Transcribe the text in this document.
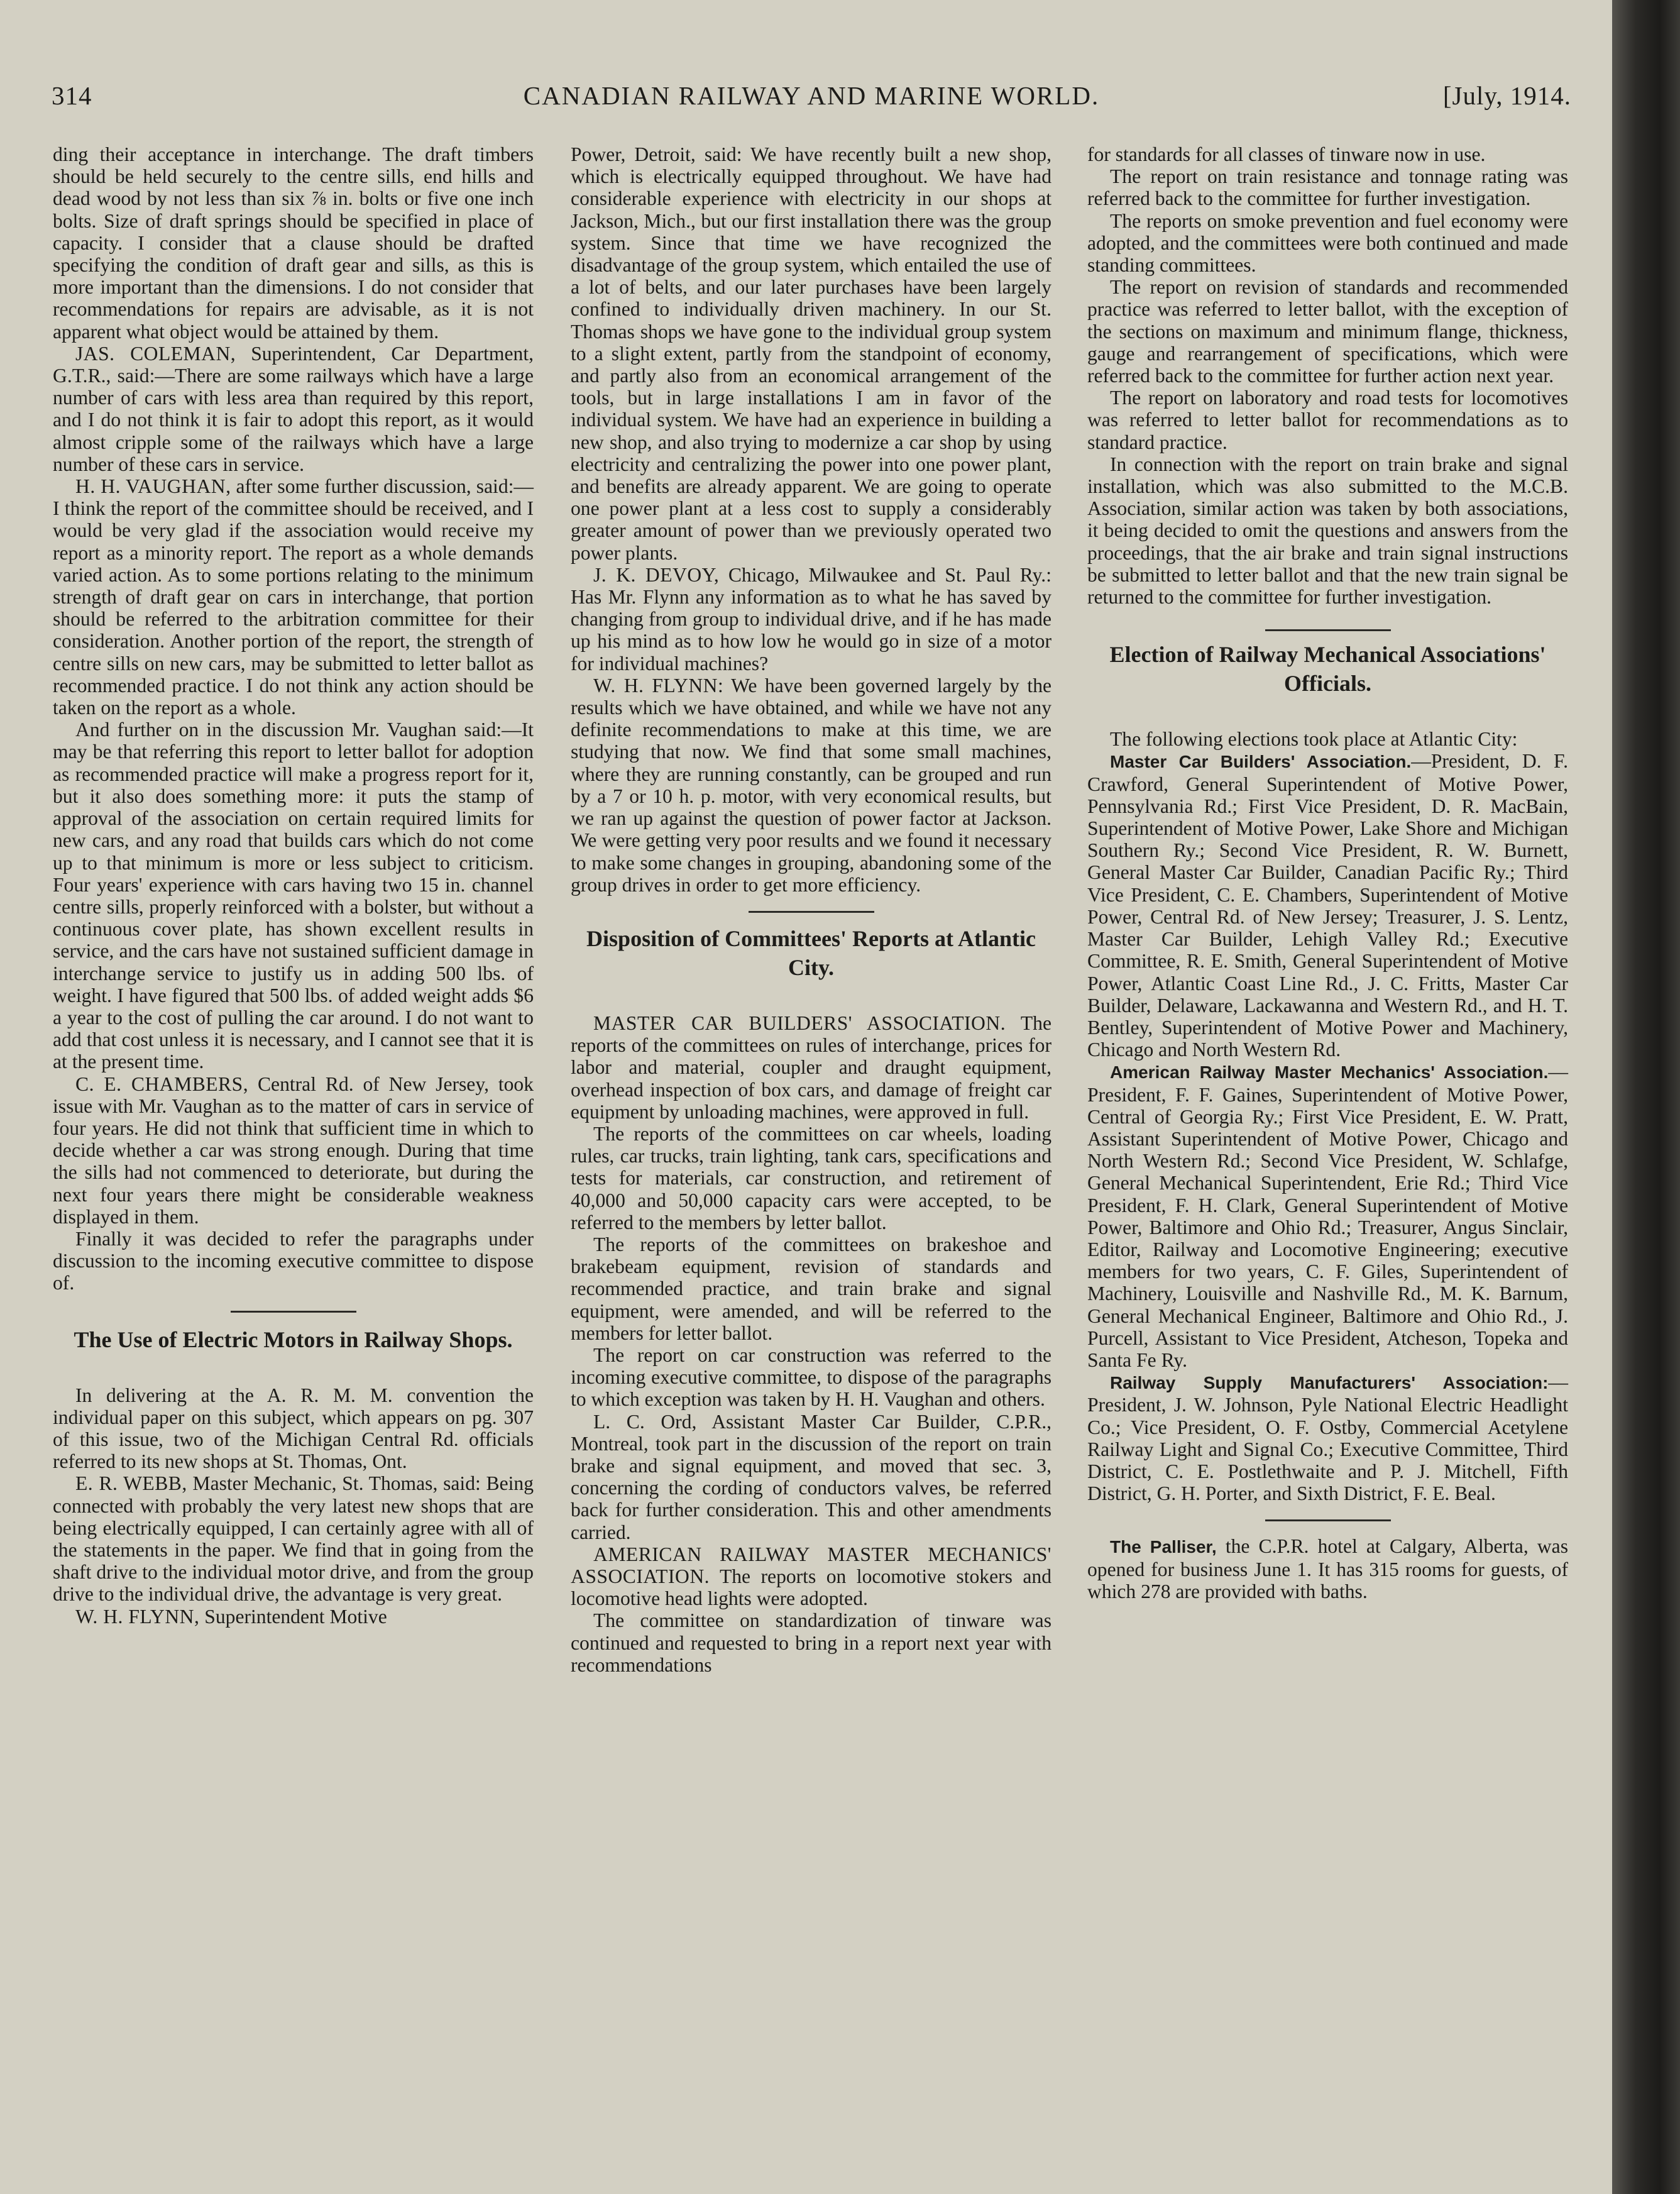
314	CANADIAN RAILWAY AND MARINE WORLD.	[July, 1914.

ding their acceptance in interchange. The draft timbers should be held securely to the centre sills, end hills and dead wood by not less than six ⅞ in. bolts or five one inch bolts. Size of draft springs should be specified in place of capacity. I consider that a clause should be drafted specifying the condition of draft gear and sills, as this is more important than the dimensions. I do not consider that recommendations for repairs are advisable, as it is not apparent what object would be attained by them.

JAS. COLEMAN, Superintendent, Car Department, G.T.R., said:—There are some railways which have a large number of cars with less area than required by this report, and I do not think it is fair to adopt this report, as it would almost cripple some of the railways which have a large number of these cars in service.

H. H. VAUGHAN, after some further discussion, said:—I think the report of the committee should be received, and I would be very glad if the association would receive my report as a minority report. The report as a whole demands varied action. As to some portions relating to the minimum strength of draft gear on cars in interchange, that portion should be referred to the arbitration committee for their consideration. Another portion of the report, the strength of centre sills on new cars, may be submitted to letter ballot as recommended practice. I do not think any action should be taken on the report as a whole.

And further on in the discussion Mr. Vaughan said:—It may be that referring this report to letter ballot for adoption as recommended practice will make a progress report for it, but it also does something more: it puts the stamp of approval of the association on certain required limits for new cars, and any road that builds cars which do not come up to that minimum is more or less subject to criticism. Four years' experience with cars having two 15 in. channel centre sills, properly reinforced with a bolster, but without a continuous cover plate, has shown excellent results in service, and the cars have not sustained sufficient damage in interchange service to justify us in adding 500 lbs. of weight. I have figured that 500 lbs. of added weight adds $6 a year to the cost of pulling the car around. I do not want to add that cost unless it is necessary, and I cannot see that it is at the present time.

C. E. CHAMBERS, Central Rd. of New Jersey, took issue with Mr. Vaughan as to the matter of cars in service of four years. He did not think that sufficient time in which to decide whether a car was strong enough. During that time the sills had not commenced to deteriorate, but during the next four years there might be considerable weakness displayed in them.

Finally it was decided to refer the paragraphs under discussion to the incoming executive committee to dispose of.

The Use of Electric Motors in Railway Shops.

In delivering at the A. R. M. M. convention the individual paper on this subject, which appears on pg. 307 of this issue, two of the Michigan Central Rd. officials referred to its new shops at St. Thomas, Ont.

E. R. WEBB, Master Mechanic, St. Thomas, said: Being connected with probably the very latest new shops that are being electrically equipped, I can certainly agree with all of the statements in the paper. We find that in going from the shaft drive to the individual motor drive, and from the group drive to the individual drive, the advantage is very great.

W. H. FLYNN, Superintendent Motive

Power, Detroit, said: We have recently built a new shop, which is electrically equipped throughout. We have had considerable experience with electricity in our shops at Jackson, Mich., but our first installation there was the group system. Since that time we have recognized the disadvantage of the group system, which entailed the use of a lot of belts, and our later purchases have been largely confined to individually driven machinery. In our St. Thomas shops we have gone to the individual group system to a slight extent, partly from the standpoint of economy, and partly also from an economical arrangement of the tools, but in large installations I am in favor of the individual system. We have had an experience in building a new shop, and also trying to modernize a car shop by using electricity and centralizing the power into one power plant, and benefits are already apparent. We are going to operate one power plant at a less cost to supply a considerably greater amount of power than we previously operated two power plants.

J. K. DEVOY, Chicago, Milwaukee and St. Paul Ry.: Has Mr. Flynn any information as to what he has saved by changing from group to individual drive, and if he has made up his mind as to how low he would go in size of a motor for individual machines?

W. H. FLYNN: We have been governed largely by the results which we have obtained, and while we have not any definite recommendations to make at this time, we are studying that now. We find that some small machines, where they are running constantly, can be grouped and run by a 7 or 10 h. p. motor, with very economical results, but we ran up against the question of power factor at Jackson. We were getting very poor results and we found it necessary to make some changes in grouping, abandoning some of the group drives in order to get more efficiency.

Disposition of Committees' Reports at Atlantic City.

MASTER CAR BUILDERS' ASSOCIATION. The reports of the committees on rules of interchange, prices for labor and material, coupler and draught equipment, overhead inspection of box cars, and damage of freight car equipment by unloading machines, were approved in full.

The reports of the committees on car wheels, loading rules, car trucks, train lighting, tank cars, specifications and tests for materials, car construction, and retirement of 40,000 and 50,000 capacity cars were accepted, to be referred to the members by letter ballot.

The reports of the committees on brakeshoe and brakebeam equipment, revision of standards and recommended practice, and train brake and signal equipment, were amended, and will be referred to the members for letter ballot.

The report on car construction was referred to the incoming executive committee, to dispose of the paragraphs to which exception was taken by H. H. Vaughan and others.

L. C. Ord, Assistant Master Car Builder, C.P.R., Montreal, took part in the discussion of the report on train brake and signal equipment, and moved that sec. 3, concerning the cording of conductors valves, be referred back for further consideration. This and other amendments carried.

AMERICAN RAILWAY MASTER MECHANICS' ASSOCIATION. The reports on locomotive stokers and locomotive head lights were adopted.

The committee on standardization of tinware was continued and requested to bring in a report next year with recommendations

for standards for all classes of tinware now in use.

The report on train resistance and tonnage rating was referred back to the committee for further investigation.

The reports on smoke prevention and fuel economy were adopted, and the committees were both continued and made standing committees.

The report on revision of standards and recommended practice was referred to letter ballot, with the exception of the sections on maximum and minimum flange, thickness, gauge and rearrangement of specifications, which were referred back to the committee for further action next year.

The report on laboratory and road tests for locomotives was referred to letter ballot for recommendations as to standard practice.

In connection with the report on train brake and signal installation, which was also submitted to the M.C.B. Association, similar action was taken by both associations, it being decided to omit the questions and answers from the proceedings, that the air brake and train signal instructions be submitted to letter ballot and that the new train signal be returned to the committee for further investigation.

Election of Railway Mechanical Associations' Officials.

The following elections took place at Atlantic City:

Master Car Builders' Association.—President, D. F. Crawford, General Superintendent of Motive Power, Pennsylvania Rd.; First Vice President, D. R. MacBain, Superintendent of Motive Power, Lake Shore and Michigan Southern Ry.; Second Vice President, R. W. Burnett, General Master Car Builder, Canadian Pacific Ry.; Third Vice President, C. E. Chambers, Superintendent of Motive Power, Central Rd. of New Jersey; Treasurer, J. S. Lentz, Master Car Builder, Lehigh Valley Rd.; Executive Committee, R. E. Smith, General Superintendent of Motive Power, Atlantic Coast Line Rd., J. C. Fritts, Master Car Builder, Delaware, Lackawanna and Western Rd., and H. T. Bentley, Superintendent of Motive Power and Machinery, Chicago and North Western Rd.

American Railway Master Mechanics' Association.—President, F. F. Gaines, Superintendent of Motive Power, Central of Georgia Ry.; First Vice President, E. W. Pratt, Assistant Superintendent of Motive Power, Chicago and North Western Rd.; Second Vice President, W. Schlafge, General Mechanical Superintendent, Erie Rd.; Third Vice President, F. H. Clark, General Superintendent of Motive Power, Baltimore and Ohio Rd.; Treasurer, Angus Sinclair, Editor, Railway and Locomotive Engineering; executive members for two years, C. F. Giles, Superintendent of Machinery, Louisville and Nashville Rd., M. K. Barnum, General Mechanical Engineer, Baltimore and Ohio Rd., J. Purcell, Assistant to Vice President, Atcheson, Topeka and Santa Fe Ry.

Railway Supply Manufacturers' Association:—President, J. W. Johnson, Pyle National Electric Headlight Co.; Vice President, O. F. Ostby, Commercial Acetylene Railway Light and Signal Co.; Executive Committee, Third District, C. E. Postlethwaite and P. J. Mitchell, Fifth District, G. H. Porter, and Sixth District, F. E. Beal.

The Palliser, the C.P.R. hotel at Calgary, Alberta, was opened for business June 1. It has 315 rooms for guests, of which 278 are provided with baths.
